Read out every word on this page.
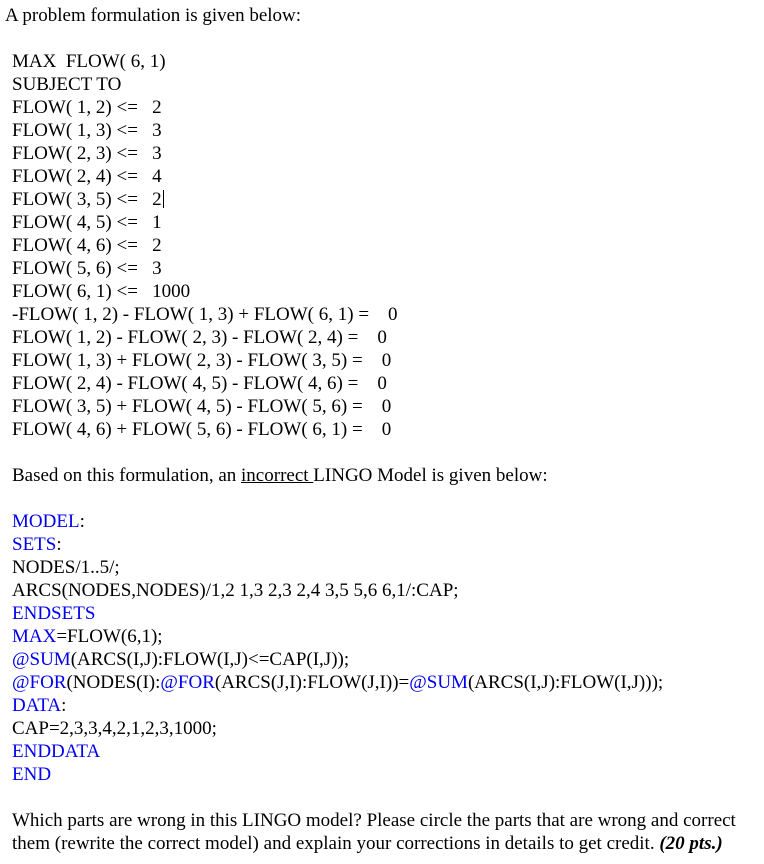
A problem formulation is given below:
MAX  FLOW( 6, 1)
SUBJECT TO
FLOW( 1, 2) <=   2
FLOW( 1, 3) <=   3
FLOW( 2, 3) <=   3
FLOW( 2, 4) <=   4
FLOW( 3, 5) <=   2
FLOW( 4, 5) <=   1
FLOW( 4, 6) <=   2
FLOW( 5, 6) <=   3
FLOW( 6, 1) <=   1000
-FLOW( 1, 2) - FLOW( 1, 3) + FLOW( 6, 1) =    0
FLOW( 1, 2) - FLOW( 2, 3) - FLOW( 2, 4) =    0
FLOW( 1, 3) + FLOW( 2, 3) - FLOW( 3, 5) =    0
FLOW( 2, 4) - FLOW( 4, 5) - FLOW( 4, 6) =    0
FLOW( 3, 5) + FLOW( 4, 5) - FLOW( 5, 6) =    0
FLOW( 4, 6) + FLOW( 5, 6) - FLOW( 6, 1) =    0
Based on this formulation, an incorrect LINGO Model is given below:
MODEL:
SETS:
NODES/1..5/;
ARCS(NODES,NODES)/1,2 1,3 2,3 2,4 3,5 5,6 6,1/:CAP;
ENDSETS
MAX=FLOW(6,1);
@SUM(ARCS(I,J):FLOW(I,J)<=CAP(I,J));
@FOR(NODES(I):@FOR(ARCS(J,I):FLOW(J,I))=@SUM(ARCS(I,J):FLOW(I,J)));
DATA:
CAP=2,3,3,4,2,1,2,3,1000;
ENDDATA
END
Which parts are wrong in this LINGO model? Please circle the parts that are wrong and correct
them (rewrite the correct model) and explain your corrections in details to get credit. (20 pts.)
